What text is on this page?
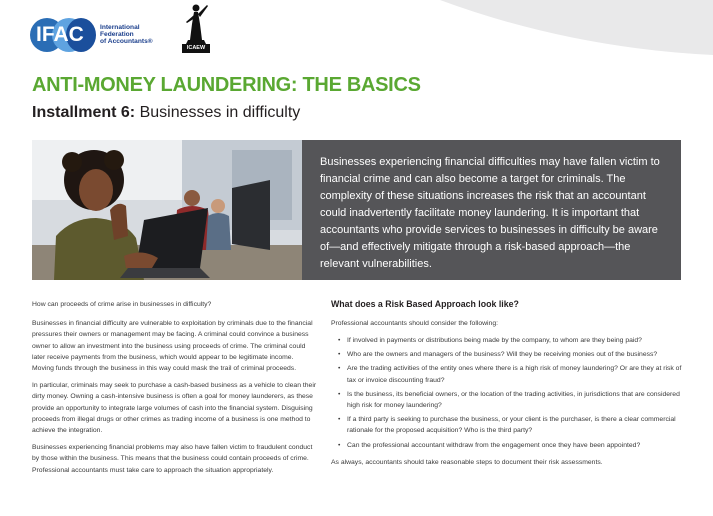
IFAC International
Federation
of Accountants®
ICAEW
ANTI-MONEY LAUNDERING: THE BASICS
Installment 6: Businesses in difficulty
Businesses experiencing financial difficulties may have fallen victim to financial crime and can also become a target for criminals. The complexity of these situations increases the risk that an accountant could inadvertently facilitate money laundering. It is important that accountants who provide services to businesses in difficulty be aware of—and effectively mitigate through a risk-based approach—the relevant vulnerabilities.

How can proceeds of crime arise in businesses in difficulty?

Businesses in financial difficulty are vulnerable to exploitation by criminals due to the financial pressures their owners or management may be facing. A criminal could convince a business owner to allow an investment into the business using proceeds of crime. The criminal could later receive payments from the business, which would appear to be legitimate income. Moving funds through the business in this way could mask the trail of criminal proceeds.

In particular, criminals may seek to purchase a cash-based business as a vehicle to clean their dirty money. Owning a cash-intensive business is often a goal for money launderers, as these provide an opportunity to integrate large volumes of cash into the financial system. Disguising proceeds from illegal drugs or other crimes as trading income of a business is one method to achieve the integration.

Businesses experiencing financial problems may also have fallen victim to fraudulent conduct by those within the business. This means that the business could contain proceeds of crime. Professional accountants must take care to approach the situation appropriately.

What does a Risk Based Approach look like?
Professional accountants should consider the following:
• If involved in payments or distributions being made by the company, to whom are they being paid?
• Who are the owners and managers of the business? Will they be receiving monies out of the business?
• Are the trading activities of the entity ones where there is a high risk of money laundering? Or are they at risk of tax or invoice discounting fraud?
• Is the business, its beneficial owners, or the location of the trading activities, in jurisdictions that are considered high risk for money laundering?
• If a third party is seeking to purchase the business, or your client is the purchaser, is there a clear commercial rationale for the proposed acquisition? Who is the third party?
• Can the professional accountant withdraw from the engagement once they have been appointed?
As always, accountants should take reasonable steps to document their risk assessments.
